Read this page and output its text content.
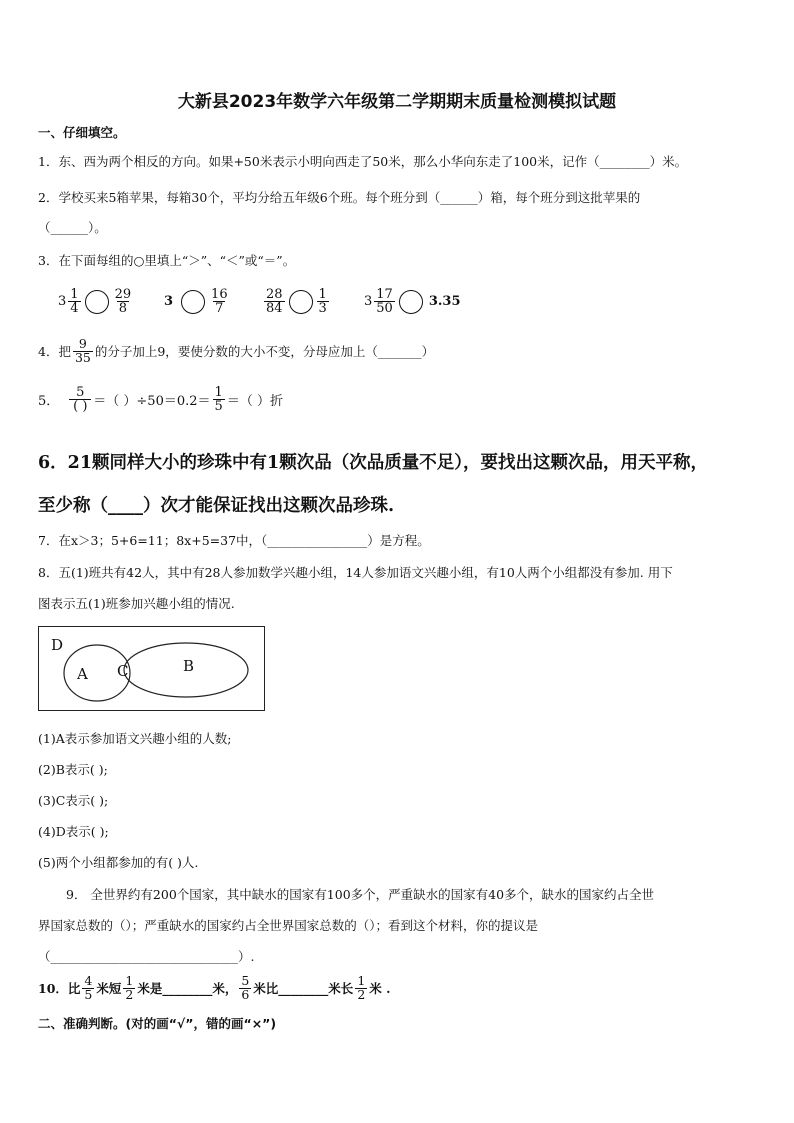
大新县2023年数学六年级第二学期期末质量检测模拟试题
一、仔细填空。
1．东、西为两个相反的方向。如果+50米表示小明向西走了50米，那么小华向东走了100米，记作（________）米。
2．学校买来5箱苹果，每箱30个，平均分给五年级6个班。每个班分到（______）箱，每个班分到这批苹果的
（______）。
3．在下面每组的○里填上“＞”、“＜”或“＝”。
$3 \frac{1}{4} \frac{29}{8} 3$	$\frac{16}{7}$	$\frac{28}{84} \frac{1}{3}$	$3 \frac{17}{50}$	3.35
4．把 $\frac{9}{35}$ 的分子加上9，要使分数的大小不变，分母应加上（_______）
5． $\frac{5}{( )}$ ＝（ ）$\div 50=0.2= \frac{1}{5}$ ＝（ ）折
6．21颗同样大小的珍珠中有1颗次品（次品质量不足），要找出这颗次品，用天平称，
至少称（____）次才能保证找出这颗次品珍珠.
7．在x＞3；5+6=11；8x+5=37中，（________________）是方程。
8．五(1)班共有42人，其中有28人参加数学兴趣小组，14人参加语文兴趣小组，有10人两个小组都没有参加. 用下
图表示五(1)班参加兴趣小组的情况.
D
A C	B
(1)A表示参加语文兴趣小组的人数;
(2)B表示( );
(3)C表示( );
(4)D表示( );
(5)两个小组都参加的有( )人.
9． 全世界约有200个国家，其中缺水的国家有100多个，严重缺水的国家有40多个，缺水的国家约占全世
界国家总数的（）；严重缺水的国家约占全世界国家总数的（）；看到这个材料，你的提议是
（______________________________）.
10．比 $\frac{4}{5}$ 米短 $\frac{1}{2}$ 米是________米， $\frac{5}{6}$ 米比________米长 $\frac{1}{2}$ 米 .
二、准确判断。(对的画“√”，错的画“×”)
